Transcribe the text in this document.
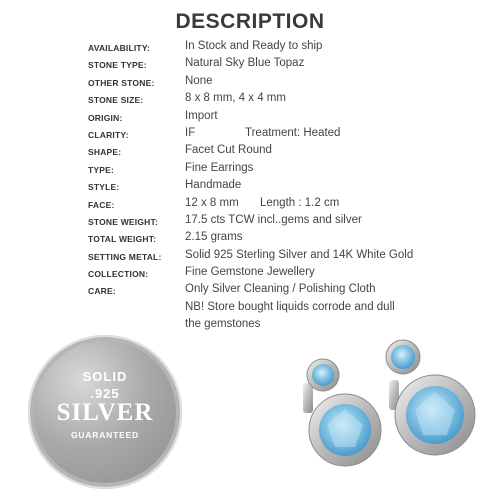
DESCRIPTION
AVAILABILITY:	In Stock and Ready to ship
STONE TYPE:	Natural Sky Blue Topaz
OTHER STONE:	None
STONE SIZE:	8 x 8 mm, 4 x 4 mm
ORIGIN:	Import
CLARITY:	IF	Treatment: Heated
SHAPE:	Facet Cut Round
TYPE:	Fine Earrings
STYLE:	Handmade
FACE:	12 x 8 mm Length : 1.2 cm
STONE WEIGHT: 17.5 cts TCW incl..gems and silver
TOTAL WEIGHT:	2.15 grams
SETTING METAL: Solid 925 Sterling Silver and 14K White Gold
COLLECTION:	Fine Gemstone Jewellery
CARE:	Only Silver Cleaning / Polishing Cloth
NB! Store bought liquids corrode and dull
the gemstones
SOLID
.925
SILVER
GUARANTEED
